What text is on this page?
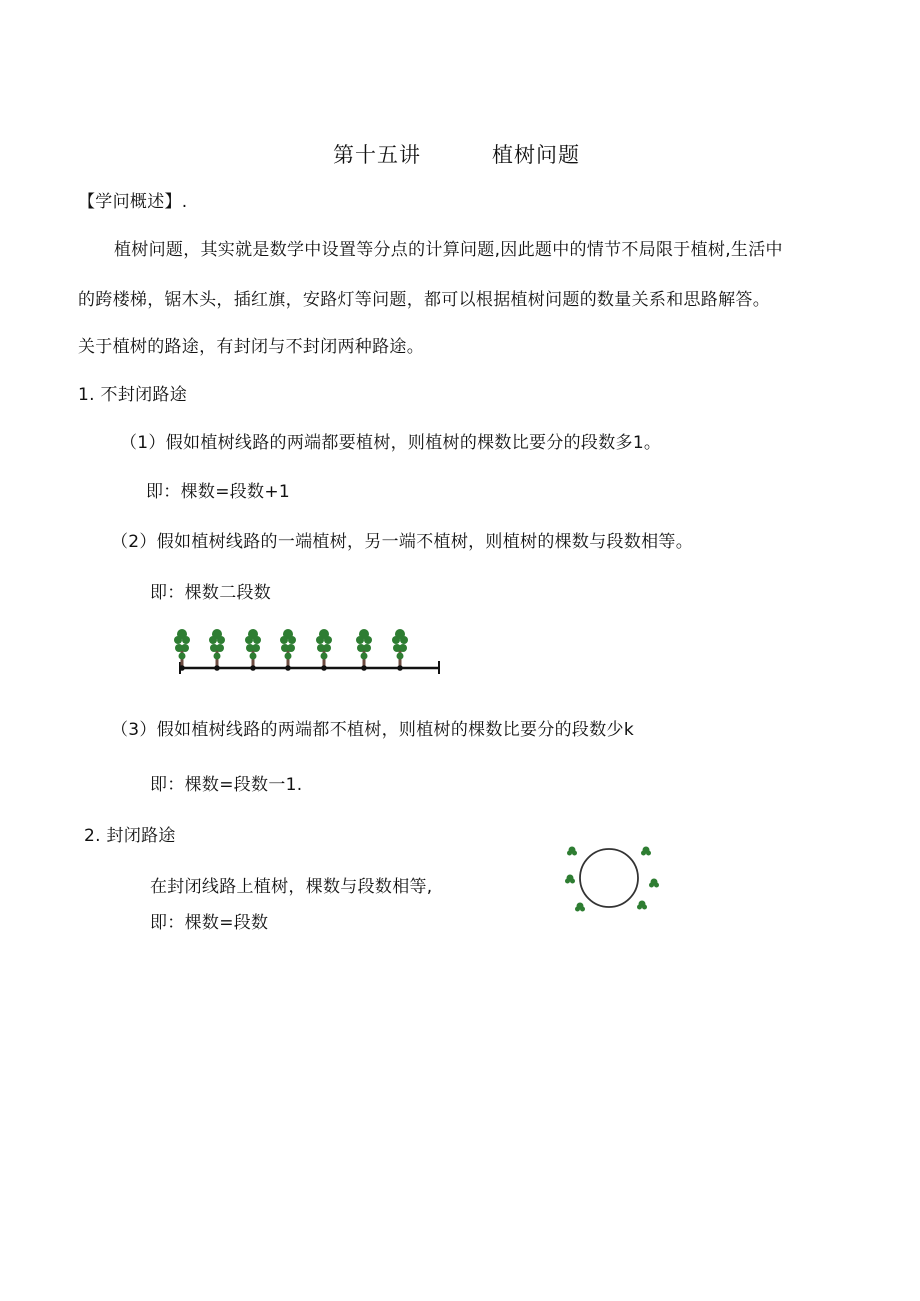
第十五讲	植树问题
【学问概述】.
植树问题，其实就是数学中设置等分点的计算问题,因此题中的情节不局限于植树,生活中
的跨楼梯，锯木头，插红旗，安路灯等问题，都可以根据植树问题的数量关系和思路解答。
关于植树的路途，有封闭与不封闭两种路途。
1. 不封闭路途
（1）假如植树线路的两端都要植树，则植树的棵数比要分的段数多1。
即：棵数=段数+1
（2）假如植树线路的一端植树，另一端不植树，则植树的棵数与段数相等。
即：棵数二段数
（3）假如植树线路的两端都不植树，则植树的棵数比要分的段数少k
即：棵数=段数一1.
2. 封闭路途
在封闭线路上植树，棵数与段数相等,
即：棵数=段数
